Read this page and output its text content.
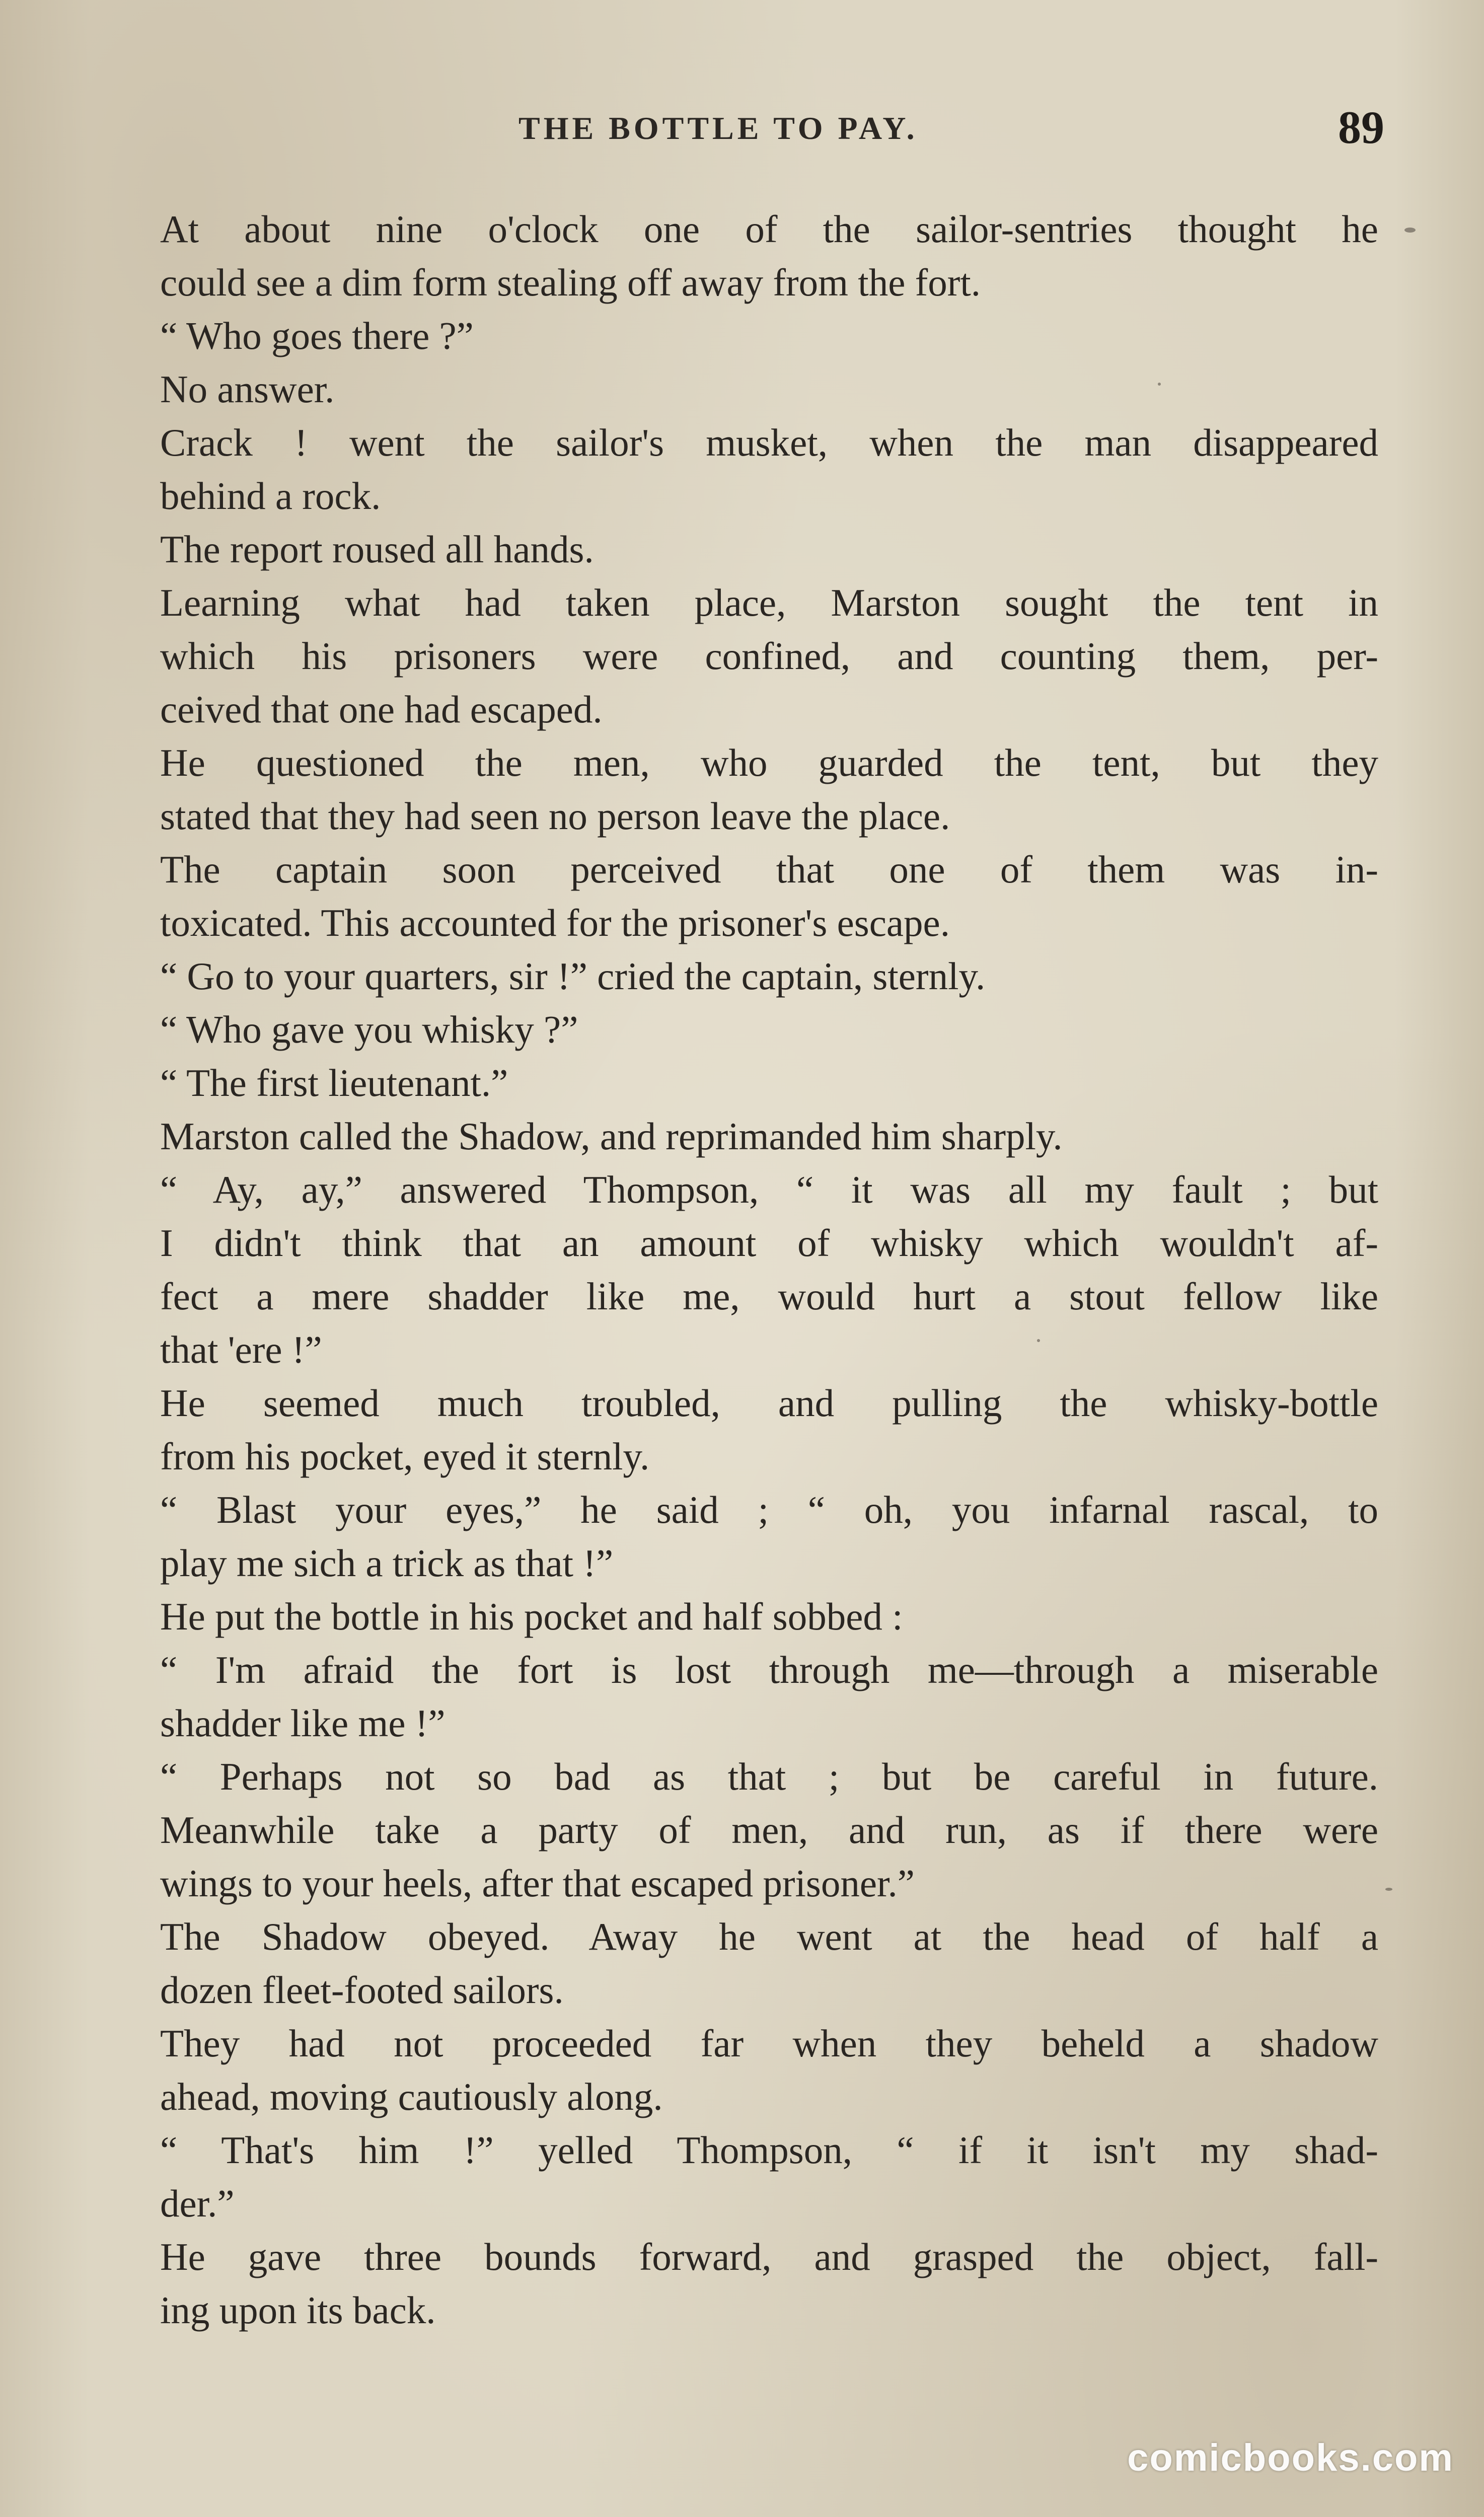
THE BOTTLE TO PAY.	89
At about nine o'clock one of the sailor-sentries thought he
could see a dim form stealing off away from the fort.
“ Who goes there ?”
No answer.
Crack ! went the sailor's musket, when the man disappeared
behind a rock.
The report roused all hands.
Learning what had taken place, Marston sought the tent in
which his prisoners were confined, and counting them, per-
ceived that one had escaped.
He questioned the men, who guarded the tent, but they
stated that they had seen no person leave the place.
The captain soon perceived that one of them was in-
toxicated. This accounted for the prisoner's escape.
“ Go to your quarters, sir !” cried the captain, sternly.
“ Who gave you whisky ?”
“ The first lieutenant.”
Marston called the Shadow, and reprimanded him sharply.
“ Ay, ay,” answered Thompson, “ it was all my fault ; but
I didn't think that an amount of whisky which wouldn't af-
fect a mere shadder like me, would hurt a stout fellow like
that 'ere !”
He seemed much troubled, and pulling the whisky-bottle
from his pocket, eyed it sternly.
“ Blast your eyes,” he said ; “ oh, you infarnal rascal, to
play me sich a trick as that !”
He put the bottle in his pocket and half sobbed :
“ I'm afraid the fort is lost through me—through a miserable
shadder like me !”
“ Perhaps not so bad as that ; but be careful in future.
Meanwhile take a party of men, and run, as if there were
wings to your heels, after that escaped prisoner.”
The Shadow obeyed. Away he went at the head of half a
dozen fleet-footed sailors.
They had not proceeded far when they beheld a shadow
ahead, moving cautiously along.
“ That's him !” yelled Thompson, “ if it isn't my shad-
der.”
He gave three bounds forward, and grasped the object, fall-
ing upon its back.
comicbooks.com
